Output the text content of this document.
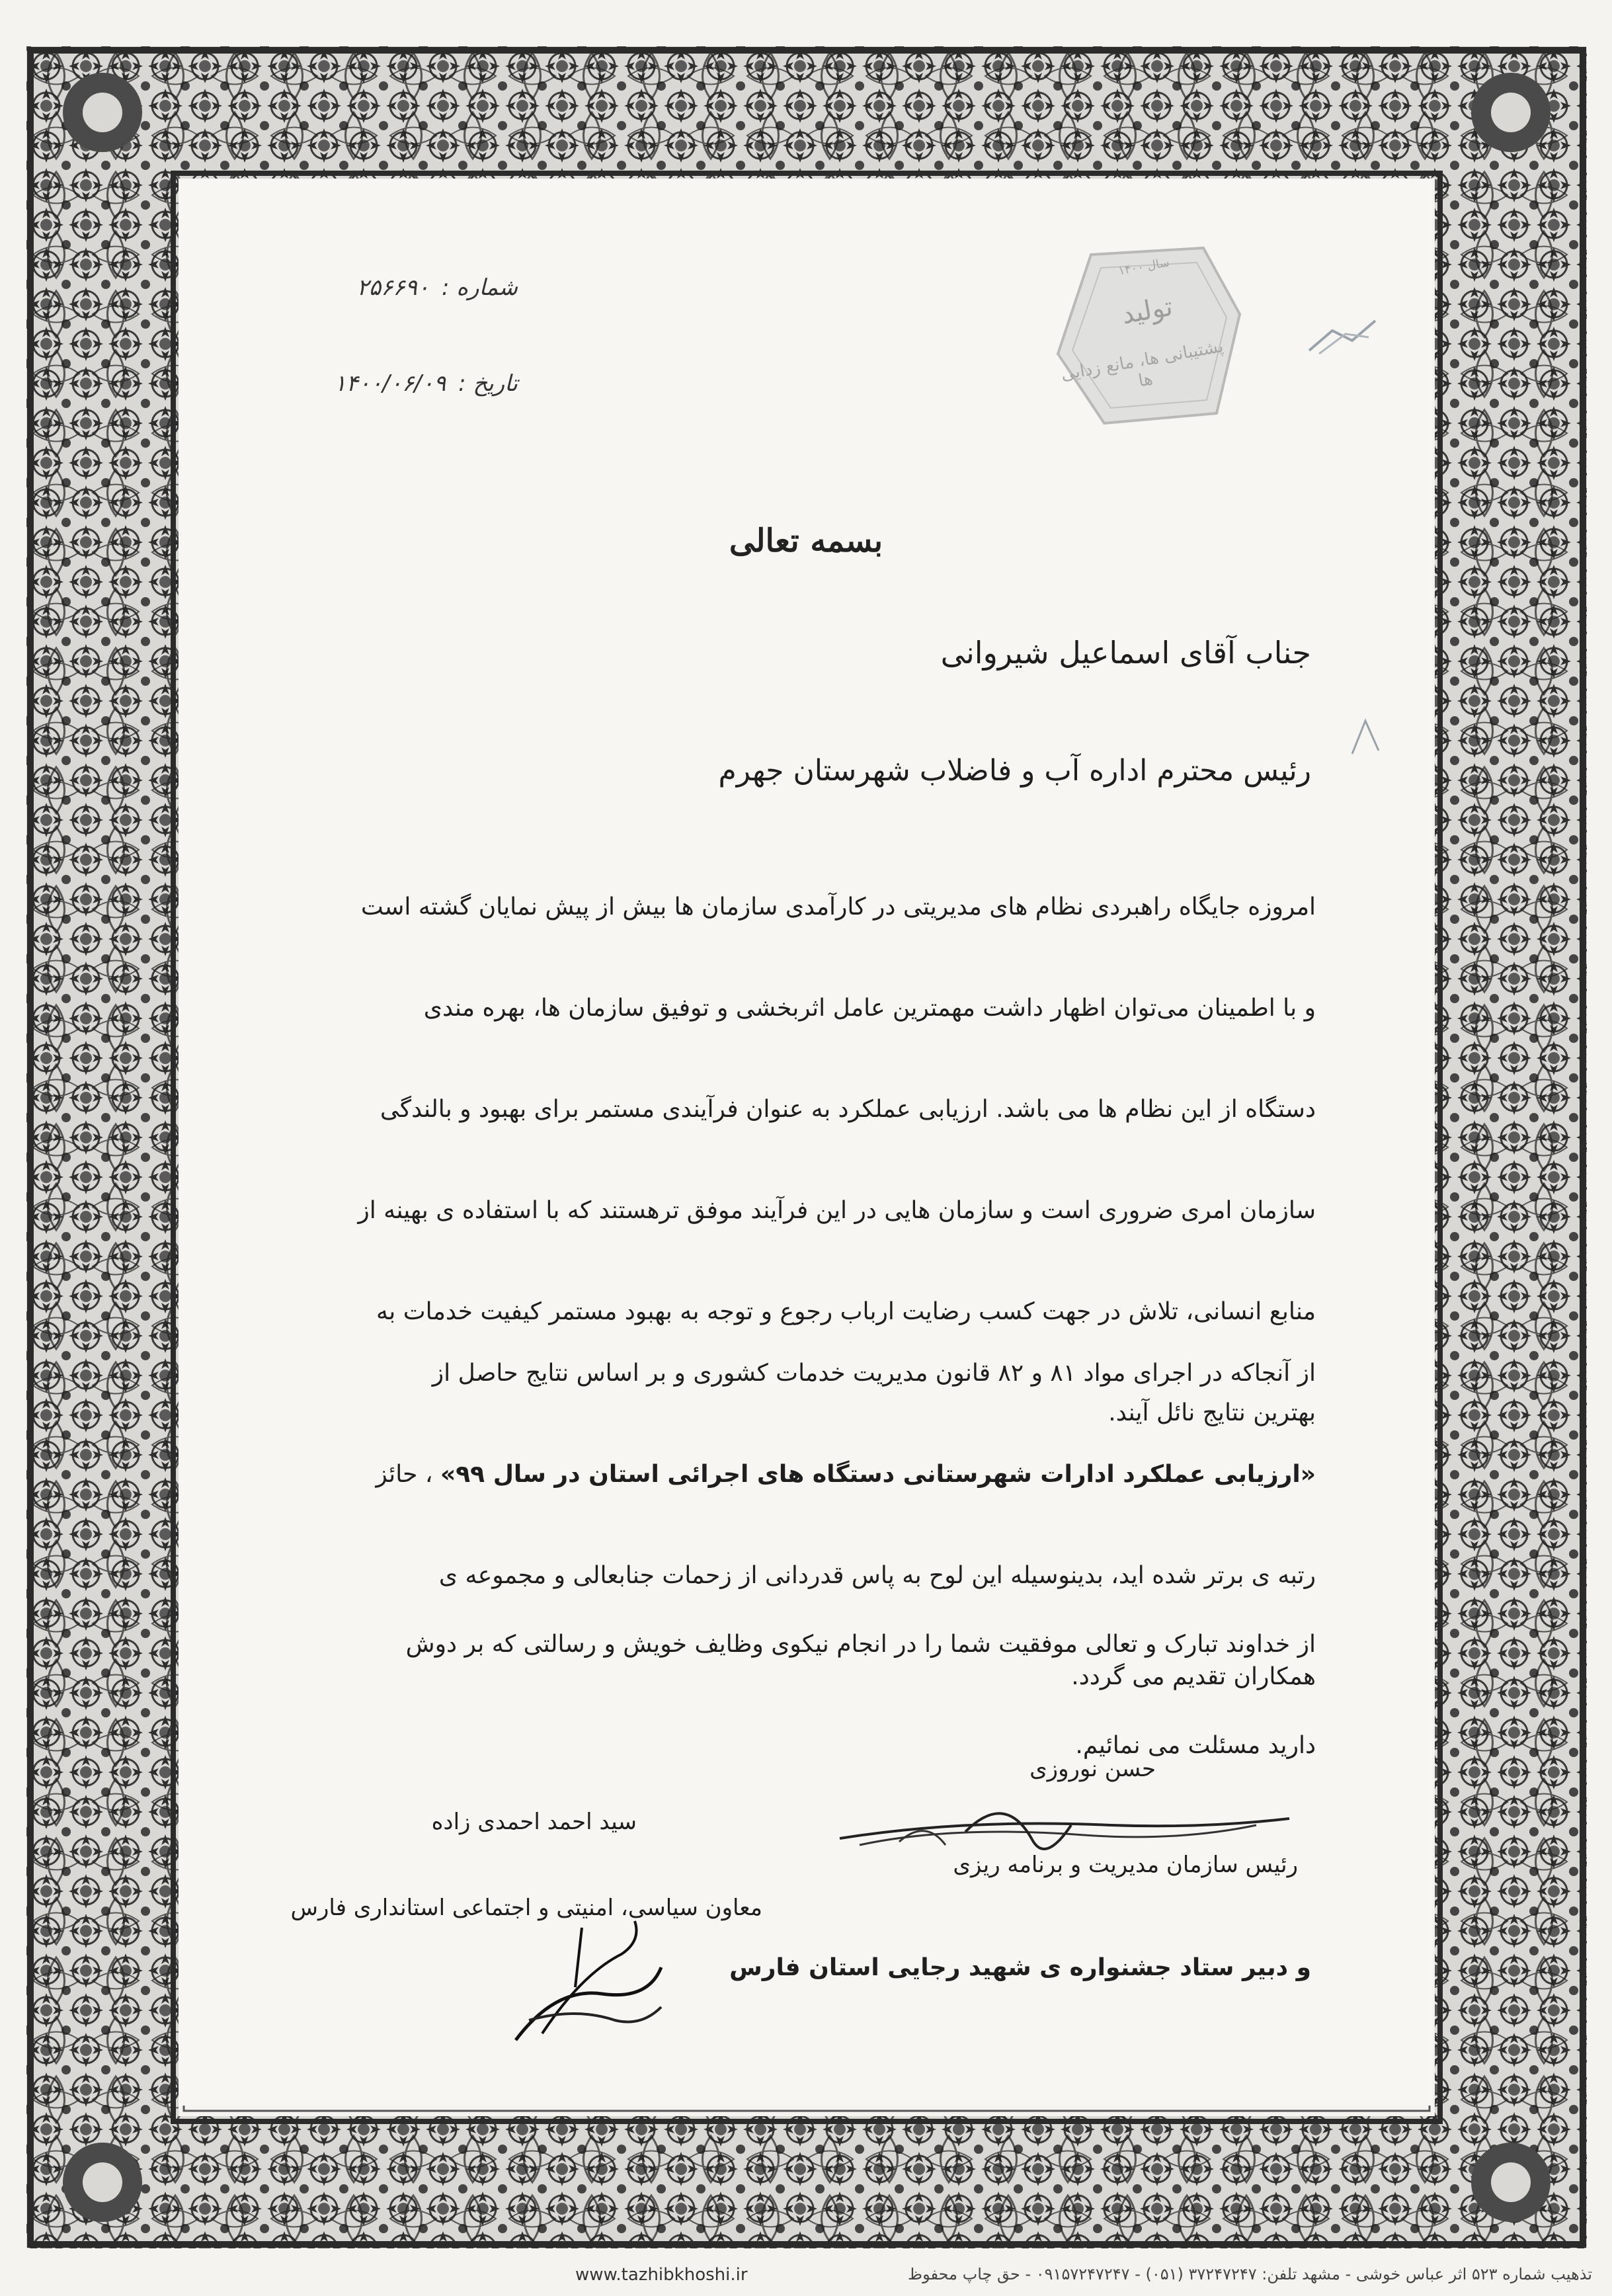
شماره : ۲۵۶۶۹۰
تاریخ : ۱۴۰۰/۰۶/۰۹
سال ۱۴۰۰
تولید
پشتیبانی ها، مانع زدایی ها
بسمه تعالی
جناب آقای اسماعیل شیروانی
رئیس محترم اداره آب و فاضلاب شهرستان جهرم
امروزه جایگاه راهبردی نظام های مدیریتی در کارآمدی سازمان ها بیش از پیش نمایان گشته است و با اطمینان می‌توان اظهار داشت مهمترین عامل اثربخشی و توفیق سازمان ها، بهره مندی دستگاه از این نظام ها می باشد. ارزیابی عملکرد به عنوان فرآیندی مستمر برای بهبود و بالندگی سازمان امری ضروری است و سازمان هایی در این فرآیند موفق ترهستند که با استفاده ی بهینه از منابع انسانی، تلاش در جهت کسب رضایت ارباب رجوع و توجه به بهبود مستمر کیفیت خدمات به بهترین نتایج نائل آیند.
از آنجاکه در اجرای مواد ۸۱ و ۸۲ قانون مدیریت خدمات کشوری و بر اساس نتایج حاصل از «ارزیابی عملکرد ادارات شهرستانی دستگاه های اجرائی استان در سال ۹۹» ، حائز رتبه ی برتر شده اید، بدینوسیله این لوح به پاس قدردانی از زحمات جنابعالی و مجموعه ی همکاران تقدیم می گردد.
از خداوند تبارک و تعالی موفقیت شما را در انجام نیکوی وظایف خویش و رسالتی که بر دوش دارید مسئلت می نمائیم.
حسن نوروزی
رئیس سازمان مدیریت و برنامه ریزی
و دبیر ستاد جشنواره ی شهید رجایی استان فارس
سید احمد احمدی زاده
معاون سیاسی، امنیتی و اجتماعی استانداری فارس
www.tazhibkhoshi.ir	تذهیب شماره ۵۲۳ اثر عباس خوشی - مشهد تلفن: ۳۷۲۴۷۲۴۷ (۰۵۱) - ۰۹۱۵۷۲۴۷۲۴۷ - حق چاپ محفوظ
